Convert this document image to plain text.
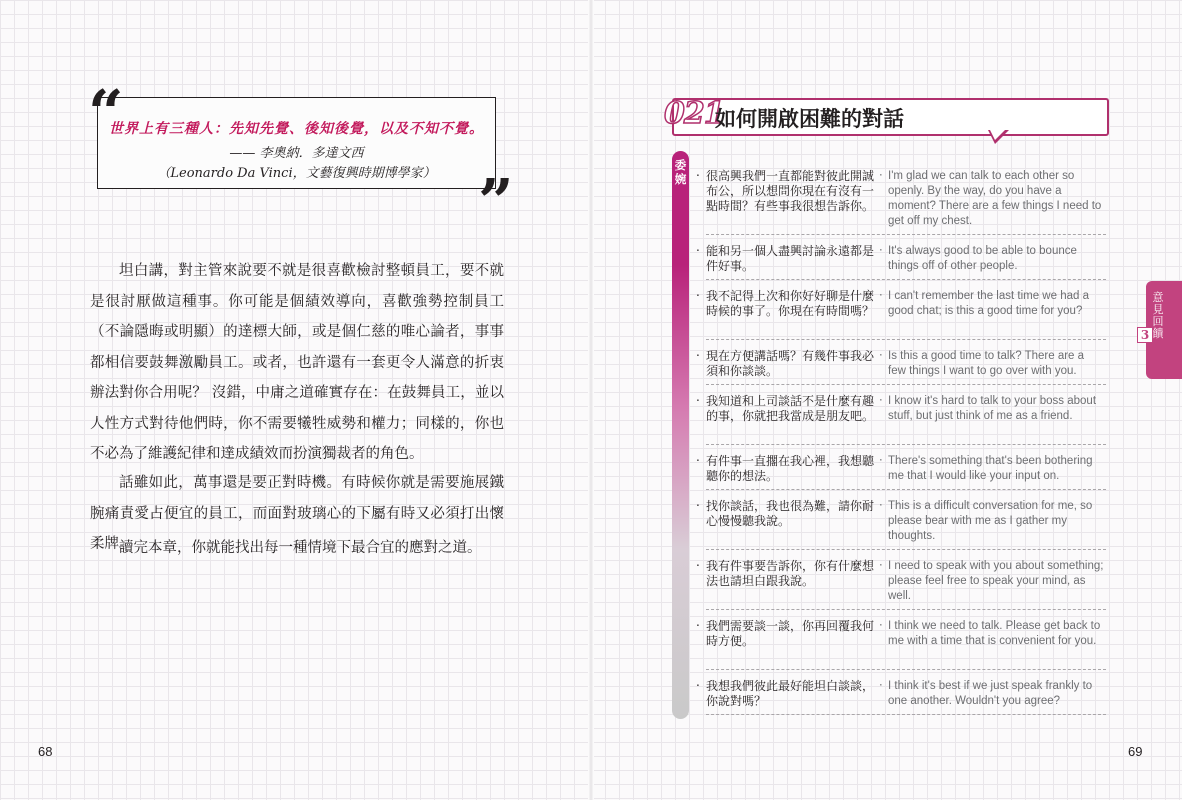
世界上有三種人：先知先覺、後知後覺，以及不知不覺。
—— 李奧納．多達文西
（Leonardo Da Vinci，文藝復興時期博學家）
“
”
坦白講，對主管來說要不就是很喜歡檢討整頓員工，要不就是很討厭做這種事。你可能是個績效導向，喜歡強勢控制員工（不論隱晦或明顯）的達標大師，或是個仁慈的唯心論者，事事都相信要鼓舞激勵員工。或者，也許還有一套更令人滿意的折衷辦法對你合用呢？ 沒錯，中庸之道確實存在：在鼓舞員工，並以人性方式對待他們時，你不需要犧牲威勢和權力；同樣的，你也不必為了維護紀律和達成績效而扮演獨裁者的角色。
話雖如此，萬事還是要正對時機。有時候你就是需要施展鐵腕痛責愛占便宜的員工，而面對玻璃心的下屬有時又必須打出懷柔牌。
讀完本章，你就能找出每一種情境下最合宜的應對之道。
68
021
如何開啟困難的對話
委婉 ‧ 很高興我們一直都能對彼此開誠布公，所以想問你現在有沒有一點時間？有些事我很想告訴你。
‧ I'm glad we can talk to each other so openly. By the way, do you have a moment? There are a few things I need to get off my chest.
‧ 能和另一個人盡興討論永遠都是件好事。
‧ It's always good to be able to bounce things off of other people.
‧ 我不記得上次和你好好聊是什麼時候的事了。你現在有時間嗎？
‧ I can't remember the last time we had a good chat; is this a good time for you?
‧ 現在方便講話嗎？有幾件事我必須和你談談。
‧ Is this a good time to talk? There are a few things I want to go over with you.
‧ 我知道和上司談話不是什麼有趣的事，你就把我當成是朋友吧。
‧ I know it's hard to talk to your boss about stuff, but just think of me as a friend.
‧ 有件事一直擱在我心裡，我想聽聽你的想法。
‧ There's something that's been bothering me that I would like your input on.
‧ 找你談話，我也很為難，請你耐心慢慢聽我說。
‧ This is a difficult conversation for me, so please bear with me as I gather my thoughts.
‧ 我有件事要告訴你，你有什麼想法也請坦白跟我說。
‧ I need to speak with you about something; please feel free to speak your mind, as well.
‧ 我們需要談一談，你再回覆我何時方便。
‧ I think we need to talk. Please get back to me with a time that is convenient for you.
‧ 我想我們彼此最好能坦白談談，你說對嗎？
‧ I think it's best if we just speak frankly to one another. Wouldn't you agree?
意見回饋
3
69
